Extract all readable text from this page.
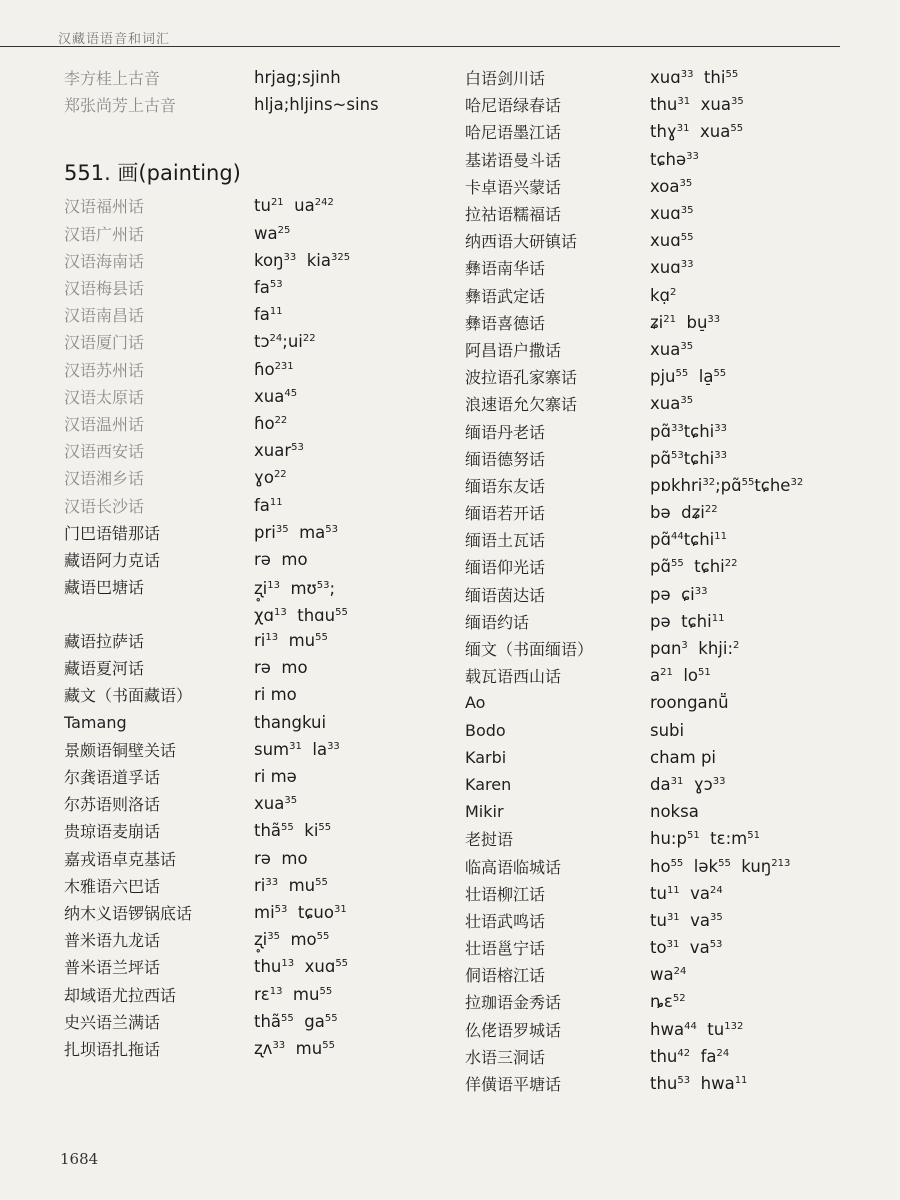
汉藏语语音和词汇
李方桂上古音	hrjag;sjinh
郑张尚芳上古音	hlja;hljins~sins
551. 画(painting)
汉语福州话	$tu^{21}$  $ua^{242}$
汉语广州话	$wa^{25}$
汉语海南话	koŋ$^{33}$  kia$^{325}$
汉语梅县话	$fa^{53}$
汉语南昌话	$fa^{11}$
汉语厦门话	$tɔ^{24};ui^{22}$
汉语苏州话	ɦo$^{231}$
汉语太原话	xua$^{45}$
汉语温州话	ɦo$^{22}$
汉语西安话	xuar$^{53}$
汉语湘乡话	ɣo$^{22}$
汉语长沙话	$fa^{11}$
门巴语错那话	pri$^{35}$  $ma^{53}$
藏语阿力克话	rə  mo
藏语巴塘话	$ʐ̥i^{13}$  mʊ$^{53}$;
χɑ$^{13}$  thɑu$^{55}$
藏语拉萨话	$ri^{13}$  $mu^{55}$
藏语夏河话	rə  mo
藏文（书面藏语）	ri mo
Tamang	thangkui
景颇语铜壁关话	sum$^{31}$  $la^{33}$
尔龚语道孚话	ri mə
尔苏语则洛话	xua$^{35}$
贵琼语麦崩话	thã$^{55}$  $ki^{55}$
嘉戎语卓克基话	rə  mo
木雅语六巴话	$ri^{33}$  $mu^{55}$
纳木义语锣锅底话	$mi^{53}$  tɕuo$^{31}$
普米语九龙话	$ʐ̥i^{35}$  $mo^{55}$
普米语兰坪话	thu$^{13}$  xuɑ$^{55}$
却域语尤拉西话	rɛ$^{13}$  $mu^{55}$
史兴语兰满话	thã$^{55}$  $ga^{55}$
扎坝语扎拖话	ʐʌ$^{33}$  $mu^{55}$
白语剑川话	xuɑ$^{33}$  thi$^{55}$
哈尼语绿春话	thu$^{31}$  xua$^{35}$
哈尼语墨江话	thɣ$^{31}$  xua$^{55}$
基诺语曼斗话	tɕhə$^{33}$
卡卓语兴蒙话	xoa$^{35}$
拉祜语糯福话	xuɑ$^{35}$
纳西语大研镇话	xuɑ$^{55}$
彝语南华话	xuɑ$^{33}$
彝语武定话	kɑ̣$^2$
彝语喜德话	ʑi$^{21}$  bu̠$^{33}$
阿昌语户撒话	xua$^{35}$
波拉语孔家寨话	pju$^{55}$  la̠$^{55}$
浪速语允欠寨话	xua$^{35}$
缅语丹老话	pɑ̃$^{33}$tɕhi$^{33}$
缅语德努话	pɑ̃$^{53}$tɕhi$^{33}$
缅语东友话	pɒkhri$^{32}$;pɑ̃$^{55}$tɕhe$^{32}$
缅语若开话	bə  dʑi$^{22}$
缅语土瓦话	pɑ̃$^{44}$tɕhi$^{11}$
缅语仰光话	pɑ̃$^{55}$  tɕhi$^{22}$
缅语茵达话	pə  ɕi$^{33}$
缅语约话	pə  tɕhi$^{11}$
缅文（书面缅语）	pɑn$^3$  khji:$^2$
载瓦语西山话	$a^{21}$  $lo^{51}$
Ao	roonganṻ
Bodo	subi
Karbi	cham pi
Karen	$da^{31}$  ɣɔ$^{33}$
Mikir	noksa
老挝语	$hu:p^{51}$  $tɛ:m^{51}$
临高语临城话	$ho^{55}$  lək$^{55}$  kuŋ$^{213}$
壮语柳江话	$tu^{11}$  $va^{24}$
壮语武鸣话	$tu^{31}$  $va^{35}$
壮语邕宁话	$to^{31}$  $va^{53}$
侗语榕江话	$wa^{24}$
拉珈语金秀话	ȵɛ$^{52}$
仫佬语罗城话	hwa$^{44}$  $tu^{132}$
水语三洞话	thu$^{42}$  $fa^{24}$
佯僙语平塘话	thu$^{53}$  hwa$^{11}$
1684
